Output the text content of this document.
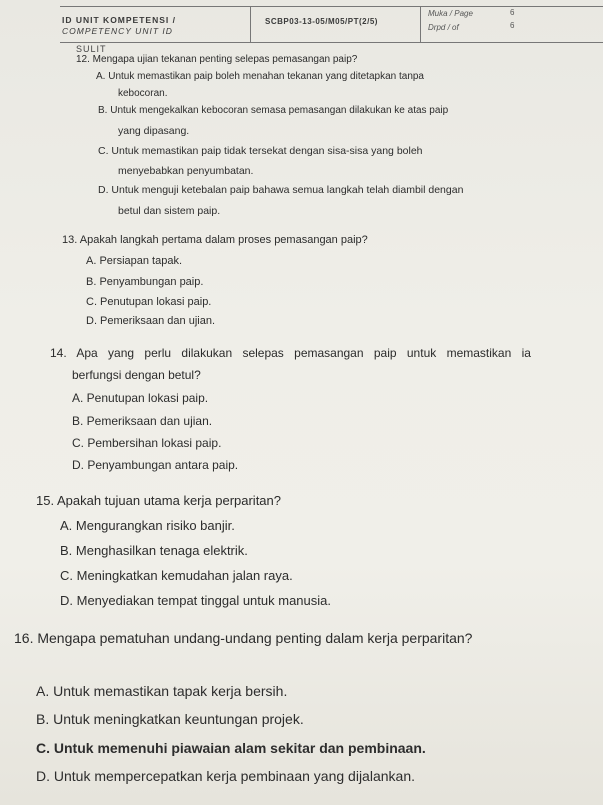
ID UNIT KOMPETENSI /
COMPETENCY UNIT ID
SCBP03-13-05/M05/PT(2/5)
Muka / Page	6
Drpd / of	6
SULIT
12. Mengapa ujian tekanan penting selepas pemasangan paip?
A. Untuk memastikan paip boleh menahan tekanan yang ditetapkan tanpa
kebocoran.
B. Untuk mengekalkan kebocoran semasa pemasangan dilakukan ke atas paip
yang dipasang.
C. Untuk memastikan paip tidak tersekat dengan sisa-sisa yang boleh
menyebabkan penyumbatan.
D. Untuk menguji ketebalan paip bahawa semua langkah telah diambil dengan
betul dan sistem paip.
13. Apakah langkah pertama dalam proses pemasangan paip?
A. Persiapan tapak.
B. Penyambungan paip.
C. Penutupan lokasi paip.
D. Pemeriksaan dan ujian.
14. Apa yang perlu dilakukan selepas pemasangan paip untuk memastikan ia
berfungsi dengan betul?
A. Penutupan lokasi paip.
B. Pemeriksaan dan ujian.
C. Pembersihan lokasi paip.
D. Penyambungan antara paip.
15. Apakah tujuan utama kerja perparitan?
A. Mengurangkan risiko banjir.
B. Menghasilkan tenaga elektrik.
C. Meningkatkan kemudahan jalan raya.
D. Menyediakan tempat tinggal untuk manusia.
16. Mengapa pematuhan undang-undang penting dalam kerja perparitan?
A. Untuk memastikan tapak kerja bersih.
B. Untuk meningkatkan keuntungan projek.
C. Untuk memenuhi piawaian alam sekitar dan pembinaan.
D. Untuk mempercepatkan kerja pembinaan yang dijalankan.
